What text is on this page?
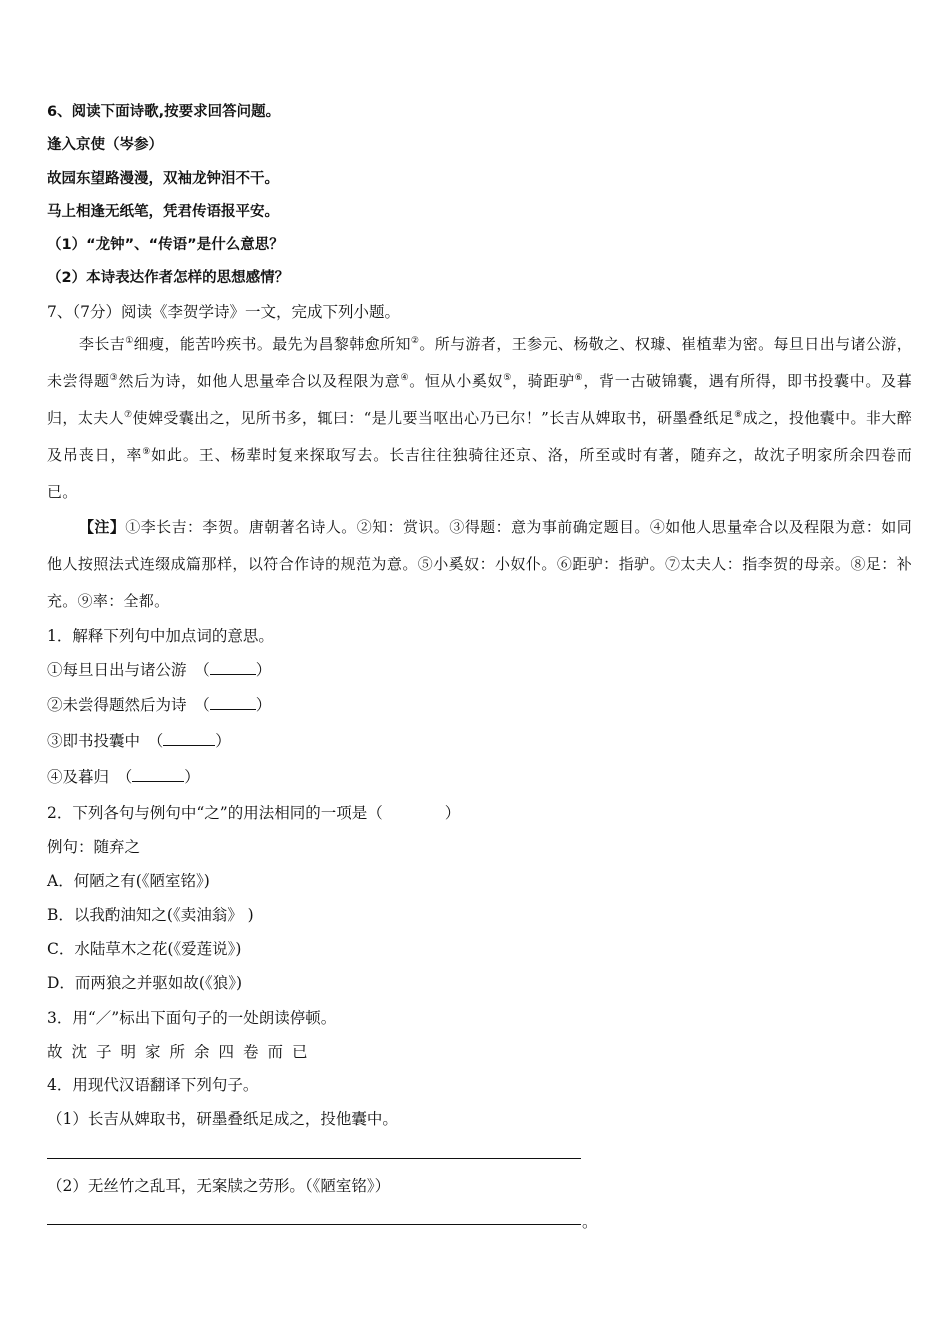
6、阅读下面诗歌,按要求回答问题。
逢入京使（岑参）
故园东望路漫漫，双袖龙钟泪不干。
马上相逢无纸笔，凭君传语报平安。
（1）“龙钟”、“传语”是什么意思？
（2）本诗表达作者怎样的思想感情？
7、（7分）阅读《李贺学诗》一文，完成下列小题。
李长吉①细瘦，能苦吟疾书。最先为昌黎韩愈所知②。所与游者，王参元、杨敬之、权璩、崔植辈为密。每旦日出与诸公游，未尝得题③然后为诗，如他人思量牵合以及程限为意④。恒从小奚奴⑤，骑距驴⑥，背一古破锦囊，遇有所得，即书投囊中。及暮归，太夫人⑦使婢受囊出之，见所书多，辄曰：“是儿要当呕出心乃已尔！”长吉从婢取书，研墨叠纸足⑧成之，投他囊中。非大醉及吊丧日，率⑨如此。王、杨辈时复来探取写去。长吉往往独骑往还京、洛，所至或时有著，随弃之，故沈子明家所余四卷而已。
【注】①李长吉：李贺。唐朝著名诗人。②知：赏识。③得题：意为事前确定题目。④如他人思量牵合以及程限为意：如同他人按照法式连缀成篇那样，以符合作诗的规范为意。⑤小奚奴：小奴仆。⑥距驴：指驴。⑦太夫人：指李贺的母亲。⑧足：补充。⑨率：全都。
1．解释下列句中加点词的意思。
①每旦日出与诸公游　（	）
②未尝得题然后为诗　（	）
③即书投囊中　（	）
④及暮归　（	）
2．下列各句与例句中“之”的用法相同的一项是（　　　　）
例句：随弃之
A．何陋之有(《陋室铭》)
B．以我酌油知之(《卖油翁》 )
C．水陆草木之花(《爱莲说》)
D．而两狼之并驱如故(《狼》)
3．用“／”标出下面句子的一处朗读停顿。
故沈子明家所余四卷而已
4．用现代汉语翻译下列句子。
（1）长吉从婢取书，研墨叠纸足成之，投他囊中。
（2）无丝竹之乱耳，无案牍之劳形。（《陋室铭》）
。
